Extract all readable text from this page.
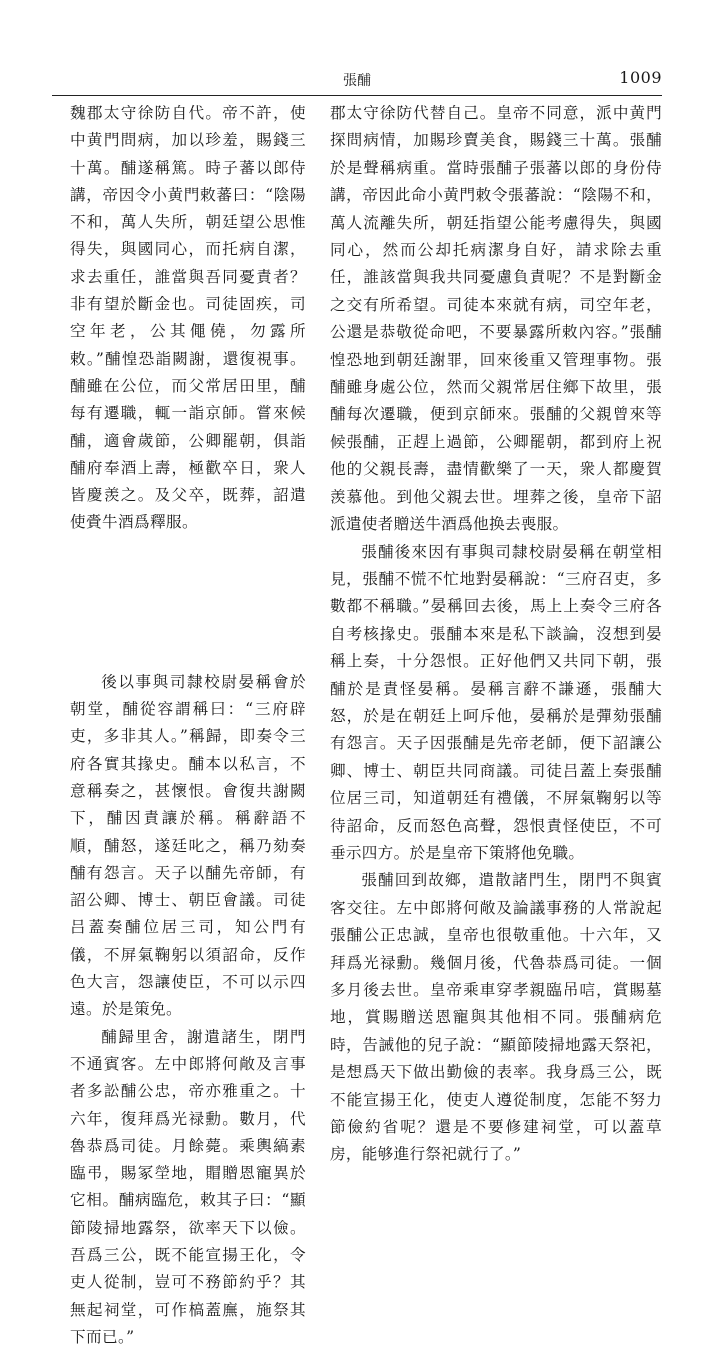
張酺	1009

魏郡太守徐防自代。帝不許，使中黄門問病，加以珍羞，賜錢三十萬。酺遂稱篤。時子蕃以郎侍講，帝因令小黄門敕蕃曰：“陰陽不和，萬人失所，朝廷望公思惟得失，與國同心，而托病自潔，求去重任，誰當與吾同憂責者？非有望於斷金也。司徒固疾，司空年老，公其僶僥，勿露所敕。”酺惶恐詣闕謝，還復視事。酺雖在公位，而父常居田里，酺每有遷職，輒一詣京師。嘗來候酺，適會歲節，公卿罷朝，俱詣酺府奉酒上壽，極歡卒日，衆人皆慶羡之。及父卒，既葬，詔遣使賫牛酒爲釋服。

後以事與司隸校尉晏稱會於朝堂，酺從容謂稱曰：“三府辟吏，多非其人。”稱歸，即奏令三府各實其掾史。酺本以私言，不意稱奏之，甚懷恨。會復共謝闕下，酺因責讓於稱。稱辭語不順，酺怒，遂廷叱之，稱乃劾奏酺有怨言。天子以酺先帝師，有詔公卿、博士、朝臣會議。司徒吕蓋奏酺位居三司，知公門有儀，不屏氣鞠躬以須詔命，反作色大言，怨讓使臣，不可以示四遠。於是策免。

酺歸里舍，謝遣諸生，閉門不通賓客。左中郎將何敞及言事者多訟酺公忠，帝亦雅重之。十六年，復拜爲光禄勳。數月，代魯恭爲司徒。月餘薨。乘輿縞素臨弔，賜冢塋地，賵贈恩寵異於它相。酺病臨危，敕其子曰：“顯節陵掃地露祭，欲率天下以儉。吾爲三公，既不能宣揚王化，令吏人從制，豈可不務節約乎？其無起祠堂，可作槁蓋廡，施祭其下而已。”

郡太守徐防代替自己。皇帝不同意，派中黄門探問病情，加賜珍賣美食，賜錢三十萬。張酺於是聲稱病重。當時張酺子張蕃以郎的身份侍講，帝因此命小黄門敕令張蕃說：“陰陽不和，萬人流離失所，朝廷指望公能考慮得失，與國同心，然而公却托病潔身自好，請求除去重任，誰該當與我共同憂慮負責呢？不是對斷金之交有所希望。司徒本來就有病，司空年老，公還是恭敬從命吧，不要暴露所敕內容。”張酺惶恐地到朝廷謝罪，回來後重又管理事物。張酺雖身處公位，然而父親常居住鄉下故里，張酺每次遷職，便到京師來。張酺的父親曾來等候張酺，正趕上過節，公卿罷朝，都到府上祝他的父親長壽，盡情歡樂了一天，衆人都慶賀羡慕他。到他父親去世。埋葬之後，皇帝下詔派遣使者贈送牛酒爲他换去喪服。

張酺後來因有事與司隸校尉晏稱在朝堂相見，張酺不慌不忙地對晏稱說：“三府召吏，多數都不稱職。”晏稱回去後，馬上上奏令三府各自考核掾史。張酺本來是私下談論，沒想到晏稱上奏，十分怨恨。正好他們又共同下朝，張酺於是責怪晏稱。晏稱言辭不謙遜，張酺大怒，於是在朝廷上呵斥他，晏稱於是彈劾張酺有怨言。天子因張酺是先帝老師，便下詔讓公卿、博士、朝臣共同商議。司徒吕蓋上奏張酺位居三司，知道朝廷有禮儀，不屏氣鞠躬以等待詔命，反而怒色高聲，怨恨責怪使臣，不可垂示四方。於是皇帝下策將他免職。

張酺回到故鄉，遣散諸門生，閉門不與賓客交往。左中郎將何敞及論議事務的人常說起張酺公正忠誠，皇帝也很敬重他。十六年，又拜爲光禄勳。幾個月後，代魯恭爲司徒。一個多月後去世。皇帝乘車穿孝親臨吊唁，賞賜墓地，賞賜贈送恩寵與其他相不同。張酺病危時，告誡他的兒子說：“顯節陵掃地露天祭祀，是想爲天下做出勤儉的表率。我身爲三公，既不能宣揚王化，使吏人遵從制度，怎能不努力節儉約省呢？還是不要修建祠堂，可以蓋草房，能够進行祭祀就行了。”
